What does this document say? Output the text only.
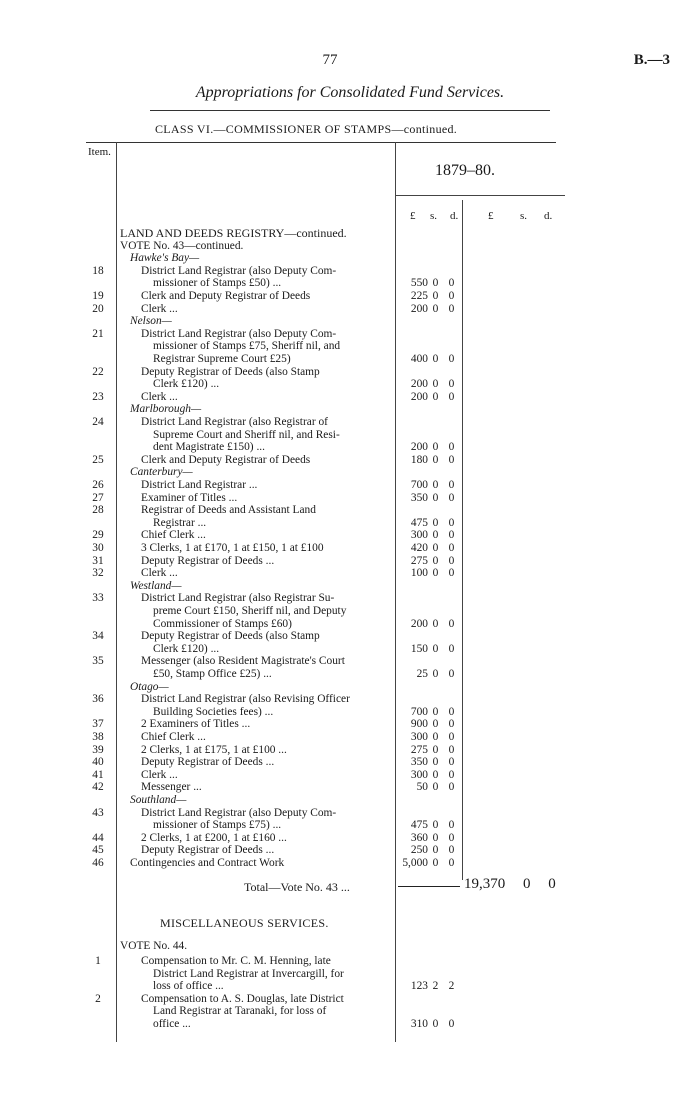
77	B.—3
Appropriations for Consolidated Fund Services.
CLASS VI.—COMMISSIONER OF STAMPS—continued.
Item.
1879–80.
£ s. d.	£ s. d.
LAND AND DEEDS REGISTRY—continued.
VOTE No. 43—continued.
Hawke's Bay—
18	District Land Registrar (also Deputy Com-
missioner of Stamps £50) ...	550 0 0
19	Clerk and Deputy Registrar of Deeds	225 0 0
20	Clerk ...	200 0 0
Nelson—
21	District Land Registrar (also Deputy Com-
missioner of Stamps £75, Sheriff nil, and
Registrar Supreme Court £25)	400 0 0
22	Deputy Registrar of Deeds (also Stamp
Clerk £120) ...	200 0 0
23	Clerk ...	200 0 0
Marlborough—
24	District Land Registrar (also Registrar of
Supreme Court and Sheriff nil, and Resi-
dent Magistrate £150) ...	200 0 0
25	Clerk and Deputy Registrar of Deeds	180 0 0
Canterbury—
26	District Land Registrar ...	700 0 0
27	Examiner of Titles ...	350 0 0
28	Registrar of Deeds and Assistant Land
Registrar ...	475 0 0
29	Chief Clerk ...	300 0 0
30	3 Clerks, 1 at £170, 1 at £150, 1 at £100	420 0 0
31	Deputy Registrar of Deeds ...	275 0 0
32	Clerk ...	100 0 0
Westland—
33	District Land Registrar (also Registrar Su-
preme Court £150, Sheriff nil, and Deputy
Commissioner of Stamps £60)	200 0 0
34	Deputy Registrar of Deeds (also Stamp
Clerk £120) ...	150 0 0
35	Messenger (also Resident Magistrate's Court
£50, Stamp Office £25) ...	25 0 0
Otago—
36	District Land Registrar (also Revising Officer
Building Societies fees) ...	700 0 0
37	2 Examiners of Titles ...	900 0 0
38	Chief Clerk ...	300 0 0
39	2 Clerks, 1 at £175, 1 at £100 ...	275 0 0
40	Deputy Registrar of Deeds ...	350 0 0
41	Clerk ...	300 0 0
42	Messenger ...	50 0 0
Southland—
43	District Land Registrar (also Deputy Com-
missioner of Stamps £75) ...	475 0 0
44	2 Clerks, 1 at £200, 1 at £160 ...	360 0 0
45	Deputy Registrar of Deeds ...	250 0 0
46	Contingencies and Contract Work	5,000 0 0
Total—Vote No. 43 ...	19,370 0 0
MISCELLANEOUS SERVICES.
VOTE No. 44.
1	Compensation to Mr. C. M. Henning, late
District Land Registrar at Invercargill, for
loss of office ...	123 2 2
2	Compensation to A. S. Douglas, late District
Land Registrar at Taranaki, for loss of
office ...	310 0 0
